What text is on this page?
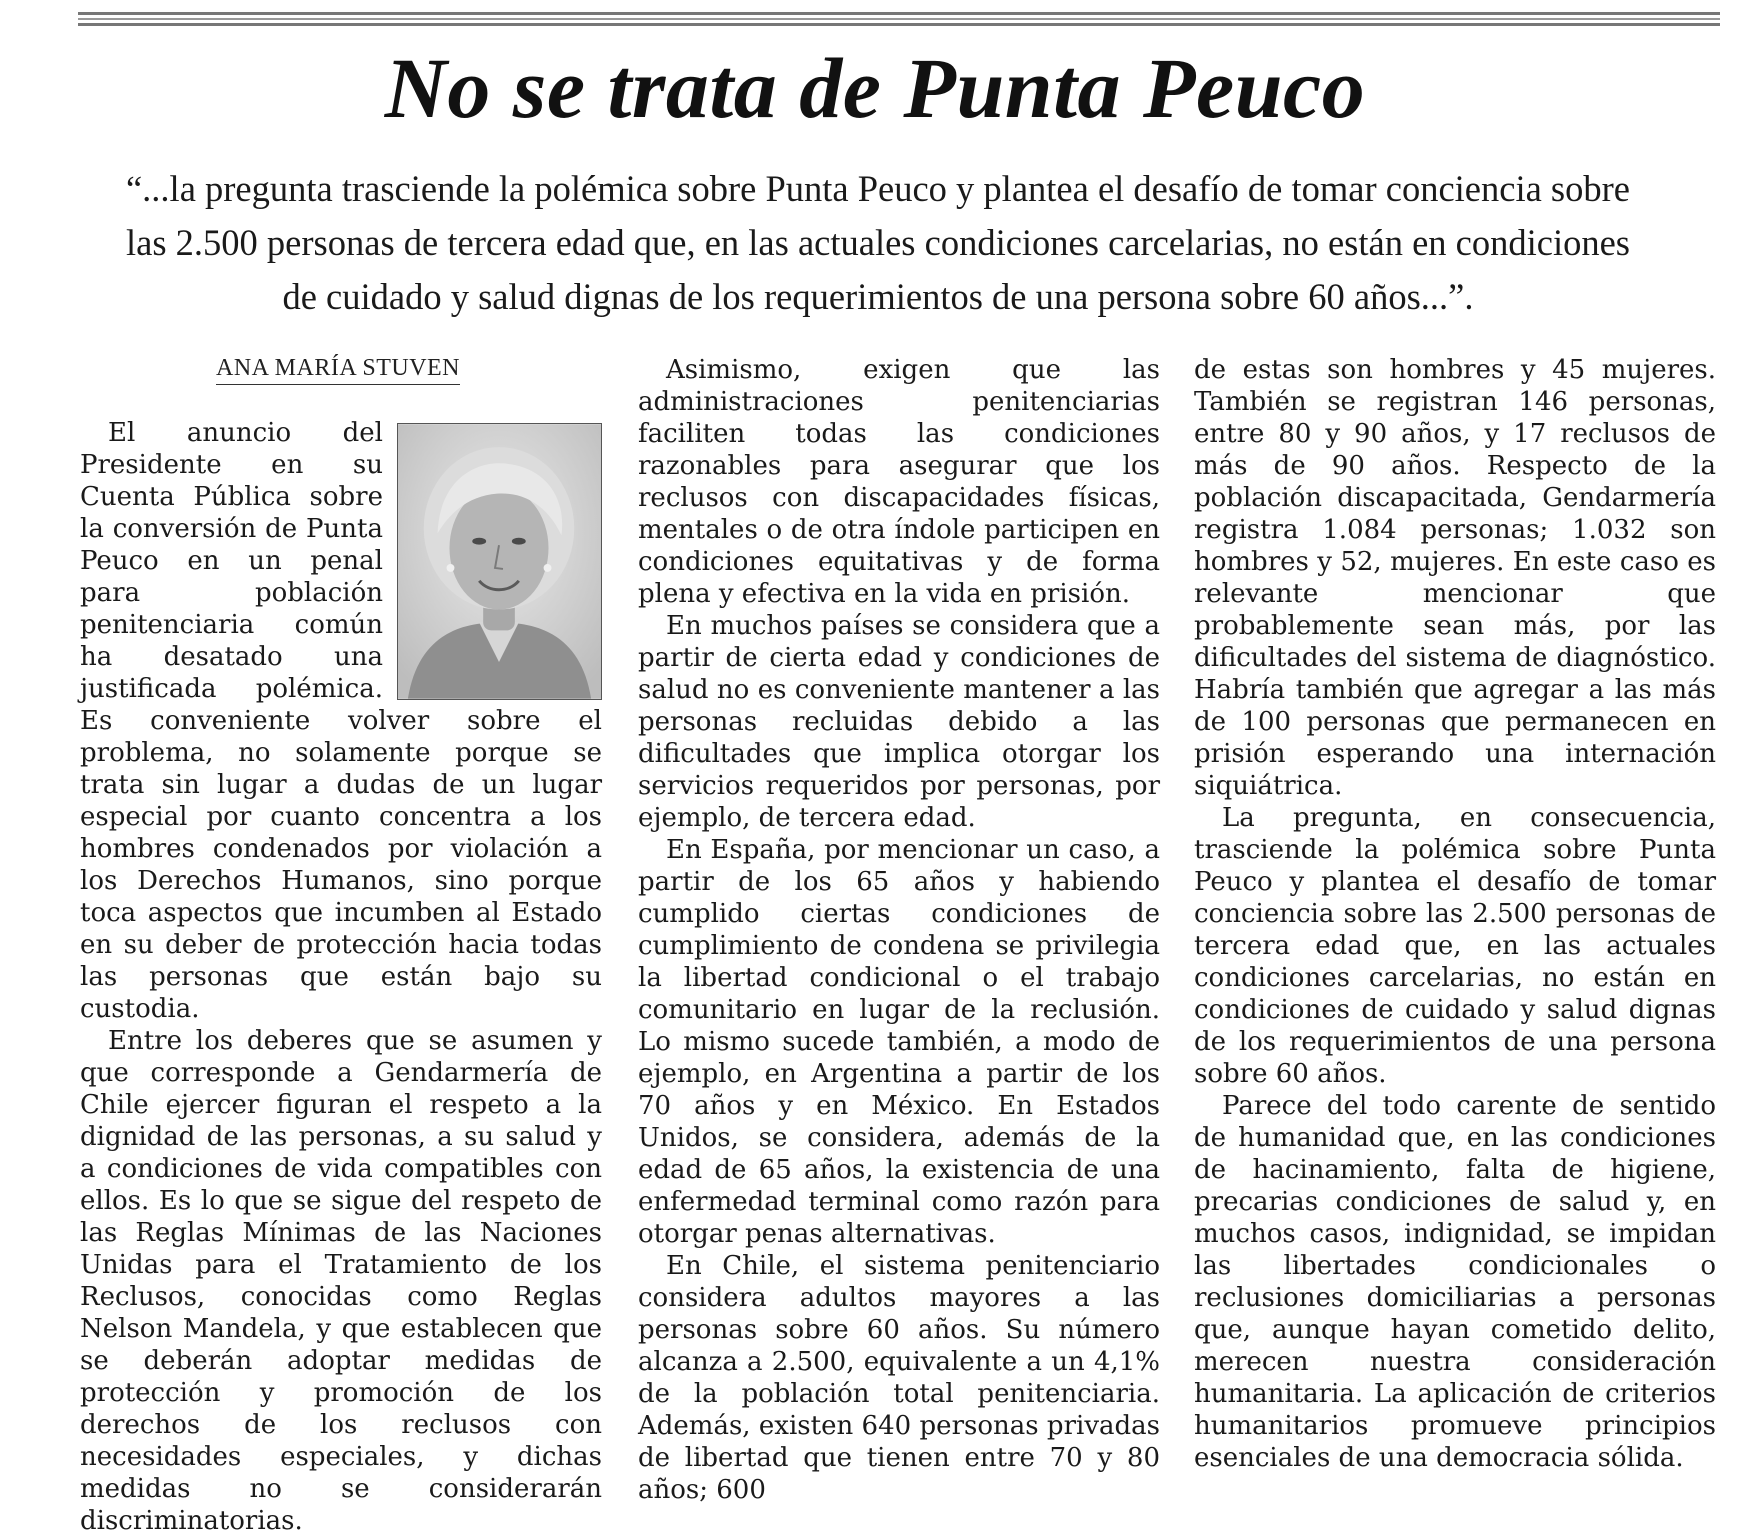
No se trata de Punta Peuco

“...la pregunta trasciende la polémica sobre Punta Peuco y plantea el desafío de tomar conciencia sobre las 2.500 personas de tercera edad que, en las actuales condiciones carcelarias, no están en condiciones de cuidado y salud dignas de los requerimientos de una persona sobre 60 años...”.

ANA MARÍA STUVEN

El anuncio del Presidente en su Cuenta Pública sobre la conversión de Punta Peuco en un penal para población penitenciaria común ha desatado una justificada polémica. Es conveniente volver sobre el problema, no solamente porque se trata sin lugar a dudas de un lugar especial por cuanto concentra a los hombres condenados por violación a los Derechos Humanos, sino porque toca aspectos que incumben al Estado en su deber de protección hacia todas las personas que están bajo su custodia.

Entre los deberes que se asumen y que corresponde a Gendarmería de Chile ejercer figuran el respeto a la dignidad de las personas, a su salud y a condiciones de vida compatibles con ellos. Es lo que se sigue del respeto de las Reglas Mínimas de las Naciones Unidas para el Tratamiento de los Reclusos, conocidas como Reglas Nelson Mandela, y que establecen que se deberán adoptar medidas de protección y promoción de los derechos de los reclusos con necesidades especiales, y dichas medidas no se considerarán discriminatorias.

Asimismo, exigen que las administraciones penitenciarias faciliten todas las condiciones razonables para asegurar que los reclusos con discapacidades físicas, mentales o de otra índole participen en condiciones equitativas y de forma plena y efectiva en la vida en prisión.

En muchos países se considera que a partir de cierta edad y condiciones de salud no es conveniente mantener a las personas recluidas debido a las dificultades que implica otorgar los servicios requeridos por personas, por ejemplo, de tercera edad.

En España, por mencionar un caso, a partir de los 65 años y habiendo cumplido ciertas condiciones de cumplimiento de condena se privilegia la libertad condicional o el trabajo comunitario en lugar de la reclusión. Lo mismo sucede también, a modo de ejemplo, en Argentina a partir de los 70 años y en México. En Estados Unidos, se considera, además de la edad de 65 años, la existencia de una enfermedad terminal como razón para otorgar penas alternativas.

En Chile, el sistema penitenciario considera adultos mayores a las personas sobre 60 años. Su número alcanza a 2.500, equivalente a un 4,1% de la población total penitenciaria. Además, existen 640 personas privadas de libertad que tienen entre 70 y 80 años; 600

de estas son hombres y 45 mujeres. También se registran 146 personas, entre 80 y 90 años, y 17 reclusos de más de 90 años. Respecto de la población discapacitada, Gendarmería registra 1.084 personas; 1.032 son hombres y 52, mujeres. En este caso es relevante mencionar que probablemente sean más, por las dificultades del sistema de diagnóstico. Habría también que agregar a las más de 100 personas que permanecen en prisión esperando una internación siquiátrica.

La pregunta, en consecuencia, trasciende la polémica sobre Punta Peuco y plantea el desafío de tomar conciencia sobre las 2.500 personas de tercera edad que, en las actuales condiciones carcelarias, no están en condiciones de cuidado y salud dignas de los requerimientos de una persona sobre 60 años.

Parece del todo carente de sentido de humanidad que, en las condiciones de hacinamiento, falta de higiene, precarias condiciones de salud y, en muchos casos, indignidad, se impidan las libertades condicionales o reclusiones domiciliarias a personas que, aunque hayan cometido delito, merecen nuestra consideración humanitaria. La aplicación de criterios humanitarios promueve principios esenciales de una democracia sólida.
